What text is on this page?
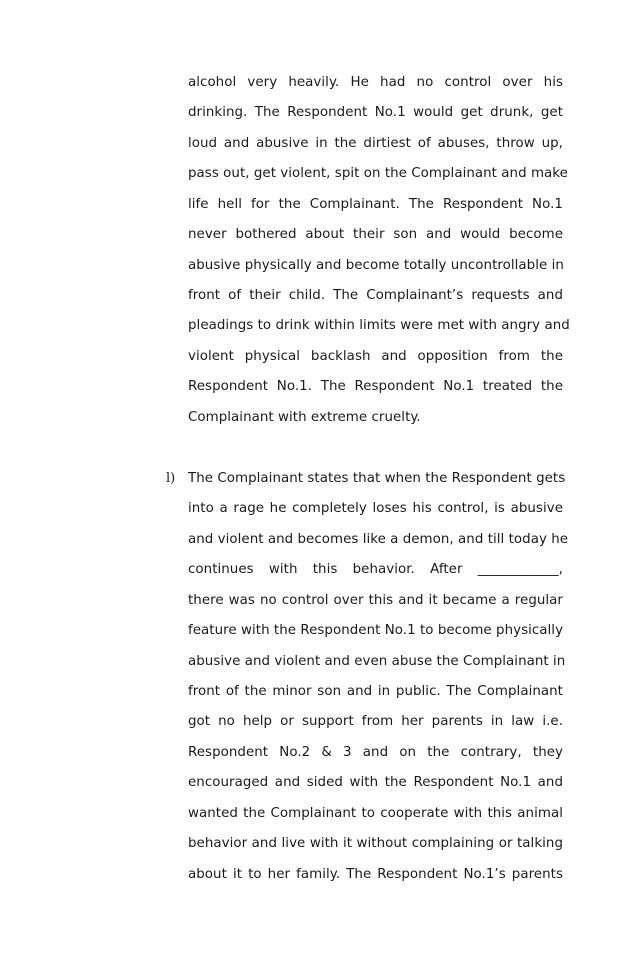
alcohol very heavily. He had no control over his
drinking. The Respondent No.1 would get drunk, get
loud and abusive in the dirtiest of abuses, throw up,
pass out, get violent, spit on the Complainant and make
life hell for the Complainant. The Respondent No.1
never bothered about their son and would become
abusive physically and become totally uncontrollable in
front of their child. The Complainant’s requests and
pleadings to drink within limits were met with angry and
violent physical backlash and opposition from the
Respondent No.1. The Respondent No.1 treated the
Complainant with extreme cruelty.
l) The Complainant states that when the Respondent gets
into a rage he completely loses his control, is abusive
and violent and becomes like a demon, and till today he
continues with this behavior. After ____________,
there was no control over this and it became a regular
feature with the Respondent No.1 to become physically
abusive and violent and even abuse the Complainant in
front of the minor son and in public. The Complainant
got no help or support from her parents in law i.e.
Respondent No.2 & 3 and on the contrary, they
encouraged and sided with the Respondent No.1 and
wanted the Complainant to cooperate with this animal
behavior and live with it without complaining or talking
about it to her family. The Respondent No.1’s parents
